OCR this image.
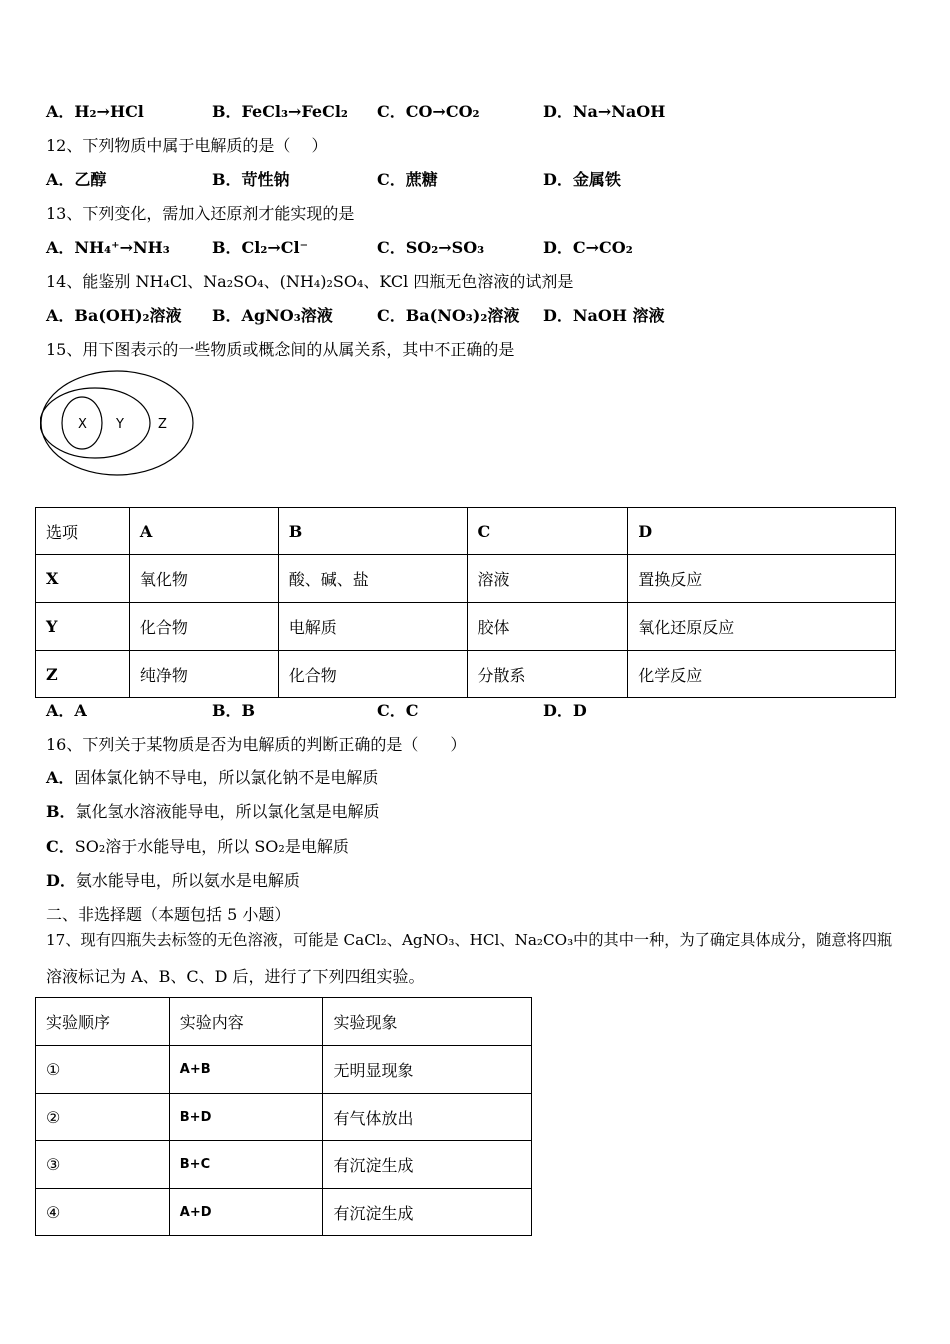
A．H₂→HCl	B．FeCl₃→FeCl₂ C．CO→CO₂	D．Na→NaOH
12、下列物质中属于电解质的是（　 ）
A．乙醇	B．苛性钠	C．蔗糖	D．金属铁
13、下列变化，需加入还原剂才能实现的是
A．NH₄⁺→NH₃	B．Cl₂→Cl⁻	C．SO₂→SO₃	D．C→CO₂
14、能鉴别 NH₄Cl、Na₂SO₄、(NH₄)₂SO₄、KCl 四瓶无色溶液的试剂是
A．Ba(OH)₂溶液 B．AgNO₃溶液	C．Ba(NO₃)₂溶液 D．NaOH 溶液
15、用下图表示的一些物质或概念间的从属关系，其中不正确的是
X Y	Z
选项	A	B	C	D
X	氧化物	酸、碱、盐	溶液	置换反应
Y	化合物	电解质	胶体	氧化还原反应
Z	纯净物	化合物	分散系	化学反应
A．A	B．B	C．C	D．D
16、下列关于某物质是否为电解质的判断正确的是（　　）
A．固体氯化钠不导电，所以氯化钠不是电解质
B．氯化氢水溶液能导电，所以氯化氢是电解质
C．SO₂溶于水能导电，所以 SO₂是电解质
D．氨水能导电，所以氨水是电解质
二、非选择题（本题包括 5 小题）
17、现有四瓶失去标签的无色溶液，可能是 CaCl₂、AgNO₃、HCl、Na₂CO₃中的其中一种，为了确定具体成分，随意将四瓶
溶液标记为 A、B、C、D 后，进行了下列四组实验。
实验顺序	实验内容	实验现象
①	A+B	无明显现象
②	B+D	有气体放出
③	B+C	有沉淀生成
④	A+D	有沉淀生成
